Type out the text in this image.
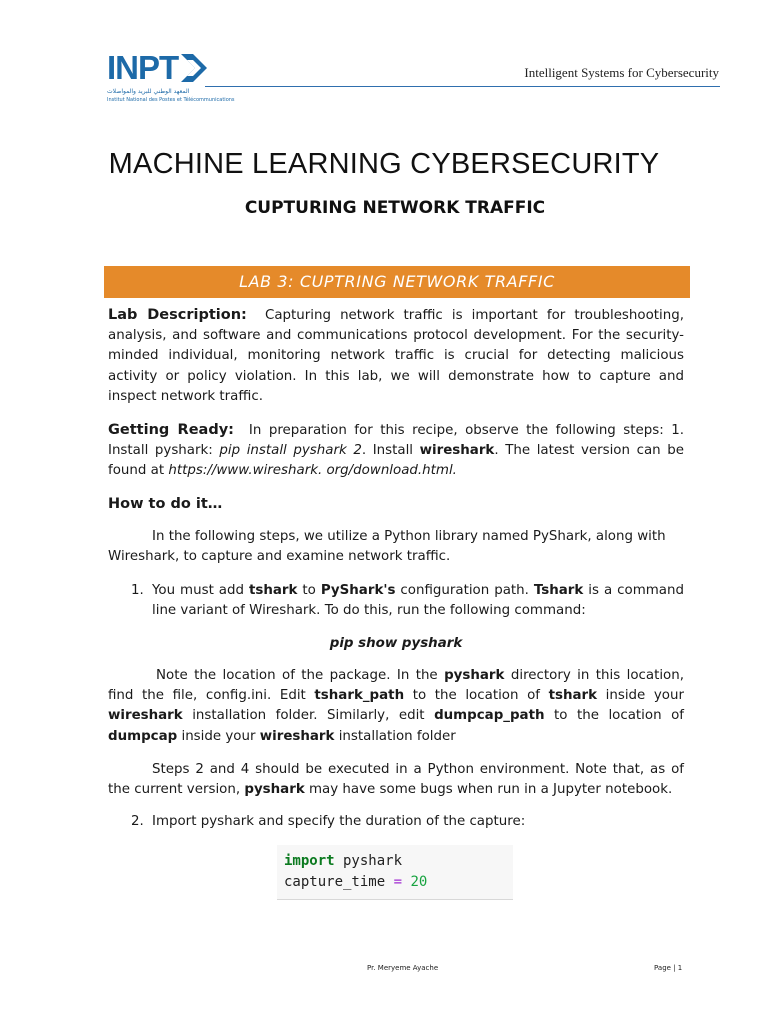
INPT
المعهد الوطني للبريد والمواصلات
Institut National des Postes et Télécommunications
Intelligent Systems for Cybersecurity
MACHINE LEARNING CYBERSECURITY
CUPTURING NETWORK TRAFFIC
LAB 3: CUPTRING NETWORK TRAFFIC
Lab Description: Capturing network traffic is important for troubleshooting, analysis, and software and communications protocol development. For the security-minded individual, monitoring network traffic is crucial for detecting malicious activity or policy violation. In this lab, we will demonstrate how to capture and inspect network traffic.
Getting Ready: In preparation for this recipe, observe the following steps: 1. Install pyshark: pip install pyshark 2. Install wireshark. The latest version can be found at https://www.wireshark. org/download.html.
How to do it…
In the following steps, we utilize a Python library named PyShark, along with Wireshark, to capture and examine network traffic.
1. You must add tshark to PyShark's configuration path. Tshark is a command line variant of Wireshark. To do this, run the following command:
pip show pyshark
Note the location of the package. In the pyshark directory in this location, find the file, config.ini. Edit tshark_path to the location of tshark inside your wireshark installation folder. Similarly, edit dumpcap_path to the location of dumpcap inside your wireshark installation folder
Steps 2 and 4 should be executed in a Python environment. Note that, as of the current version, pyshark may have some bugs when run in a Jupyter notebook.
2. Import pyshark and specify the duration of the capture:
import pyshark
capture_time = 20
Pr. Meryeme Ayache	Page | 1
